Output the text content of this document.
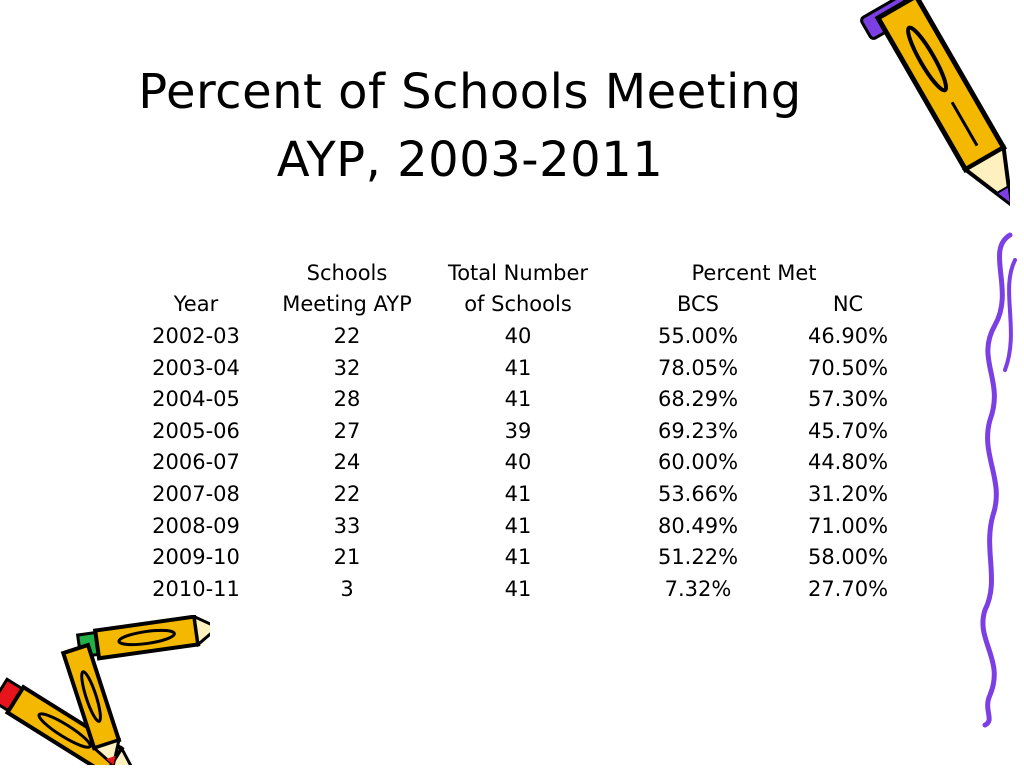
Percent of Schools Meeting
AYP, 2003-2011
	Schools	Total Number	Percent Met	
Year	Meeting AYP	of Schools	BCS	NC
2002-03	22	40	55.00%	46.90%
2003-04	32	41	78.05%	70.50%
2004-05	28	41	68.29%	57.30%
2005-06	27	39	69.23%	45.70%
2006-07	24	40	60.00%	44.80%
2007-08	22	41	53.66%	31.20%
2008-09	33	41	80.49%	71.00%
2009-10	21	41	51.22%	58.00%
2010-11	3	41	7.32%	27.70%
